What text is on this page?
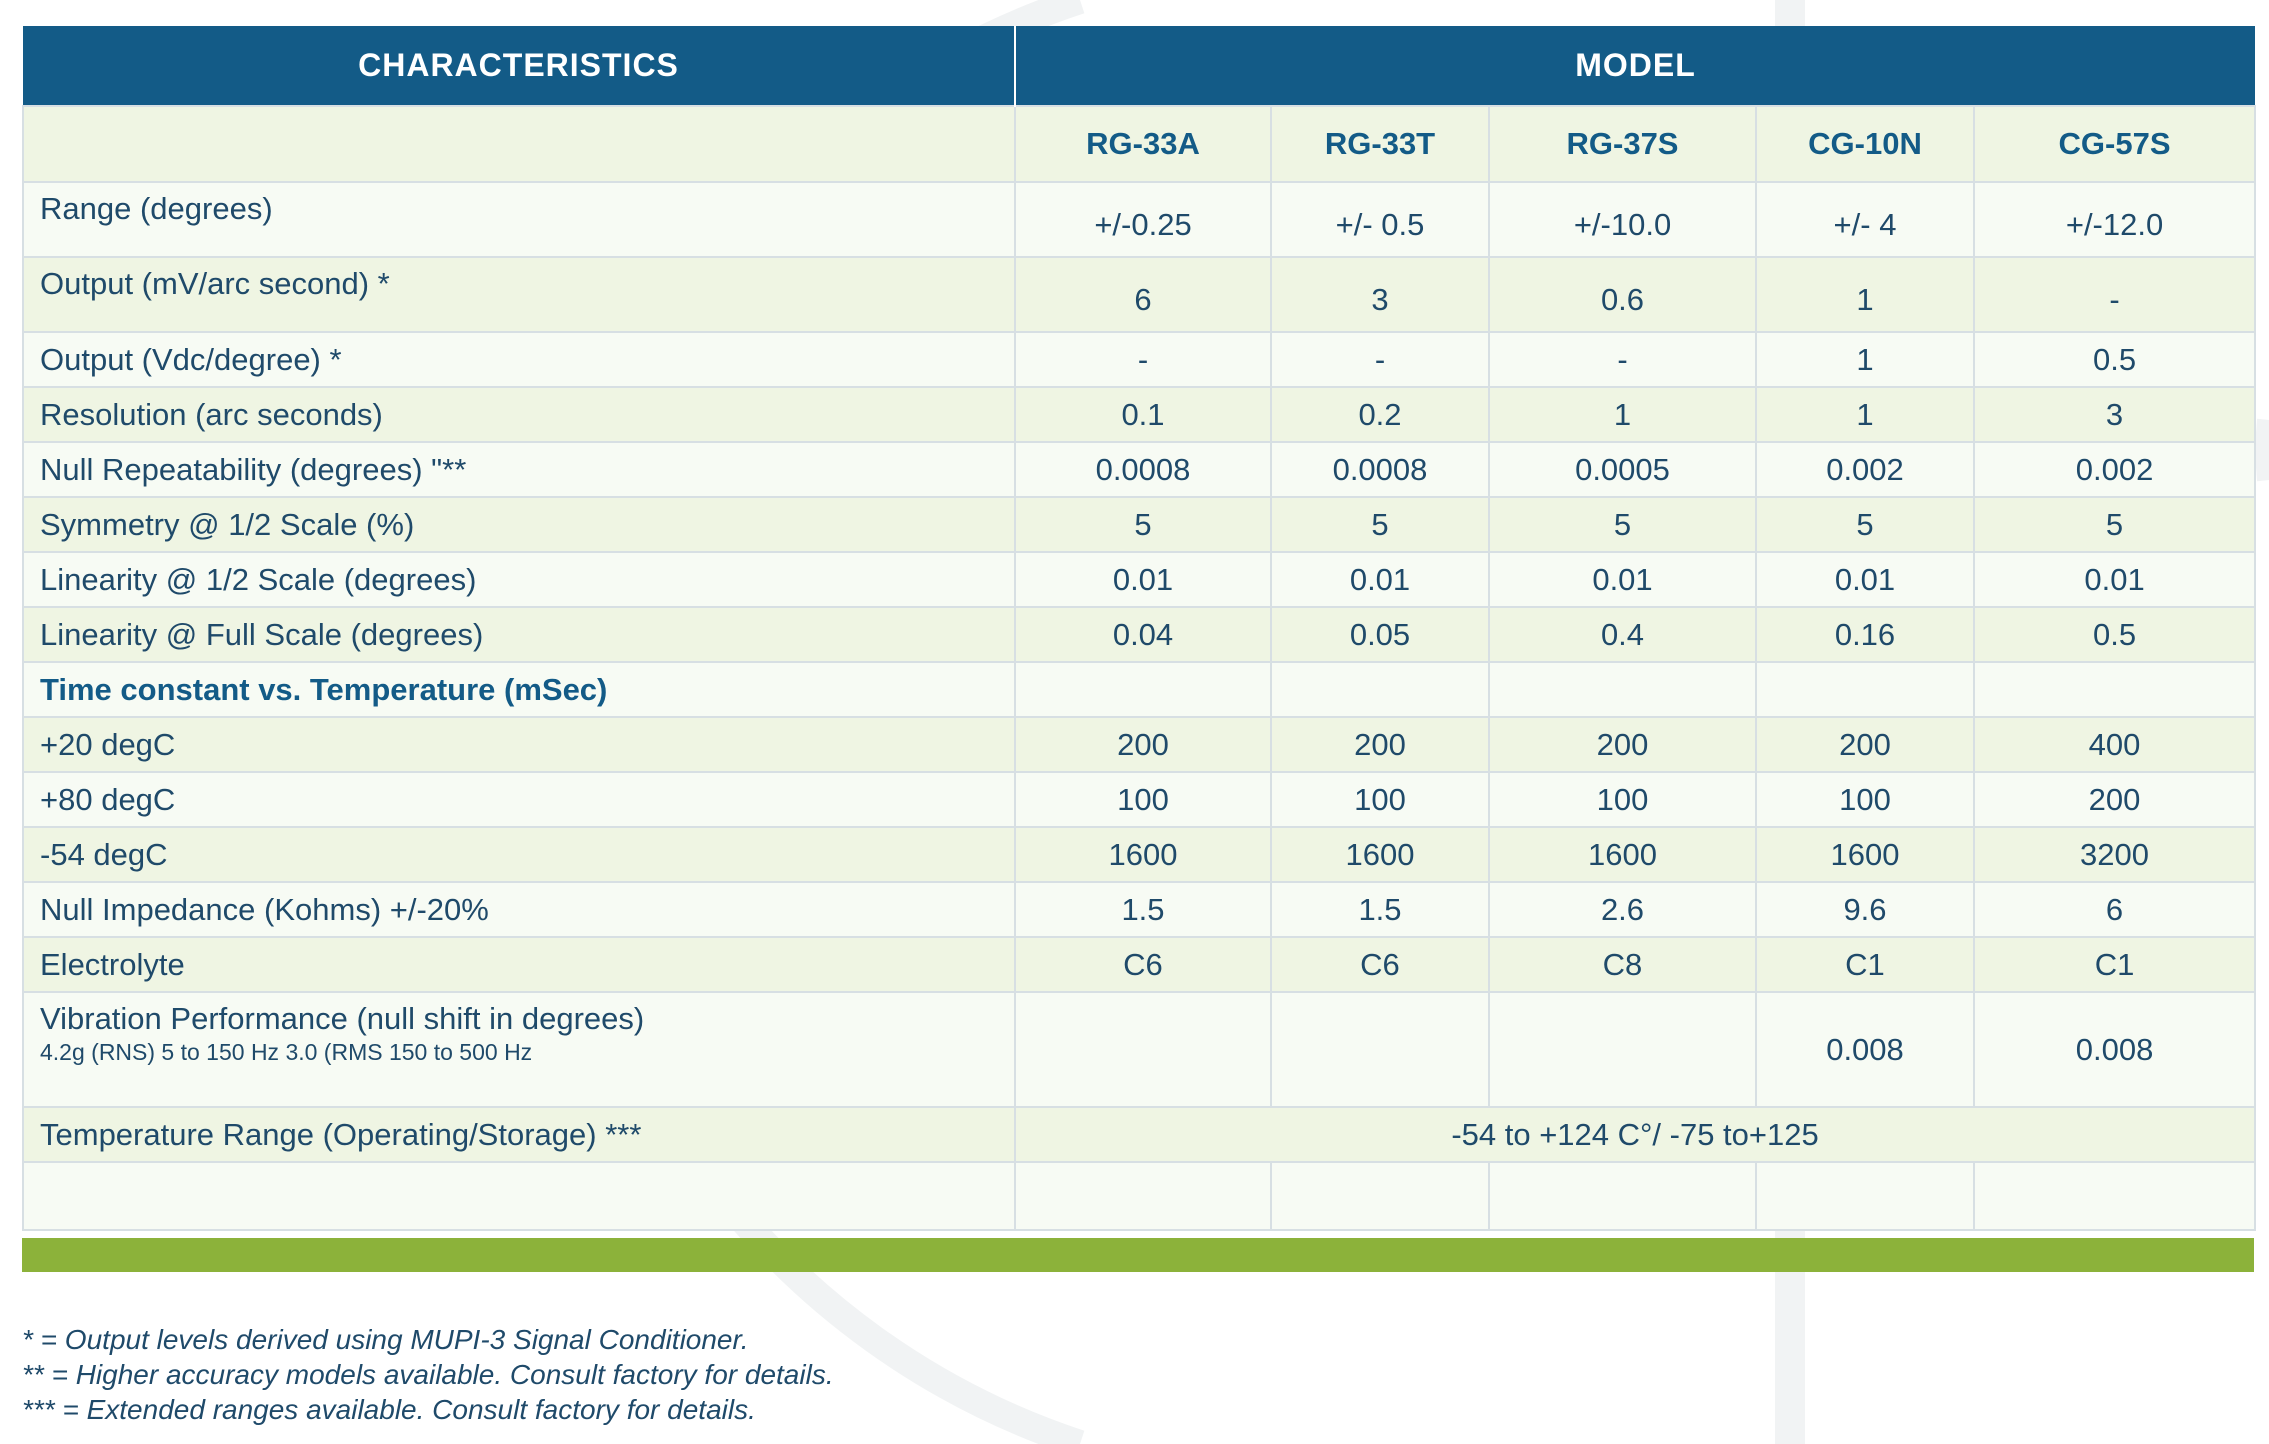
CHARACTERISTICS	MODEL				
	RG-33A	RG-33T	RG-37S	CG-10N	CG-57S
Range (degrees)	+/-0.25	+/- 0.5	+/-10.0	+/- 4	+/-12.0
Output (mV/arc second) *	6	3	0.6	1	-
Output (Vdc/degree) *	-	-	-	1	0.5
Resolution (arc seconds)	0.1	0.2	1	1	3
Null Repeatability (degrees) "**	0.0008	0.0008	0.0005	0.002	0.002
Symmetry @ 1/2 Scale (%)	5	5	5	5	5
Linearity @ 1/2 Scale (degrees)	0.01	0.01	0.01	0.01	0.01
Linearity @ Full Scale (degrees)	0.04	0.05	0.4	0.16	0.5
Time constant vs. Temperature (mSec)					
+20 degC	200	200	200	200	400
+80 degC	100	100	100	100	200
-54 degC	1600	1600	1600	1600	3200
Null Impedance (Kohms) +/-20%	1.5	1.5	2.6	9.6	6
Electrolyte	C6	C6	C8	C1	C1
Vibration Performance (null shift in degrees)
4.2g (RNS) 5 to 150 Hz 3.0 (RMS 150 to 500 Hz				0.008	0.008
Temperature Range (Operating/Storage) ***	-54 to +124 C°/ -75 to+125				

* = Output levels derived using MUPI-3 Signal Conditioner.
** = Higher accuracy models available. Consult factory for details.
*** = Extended ranges available. Consult factory for details.
